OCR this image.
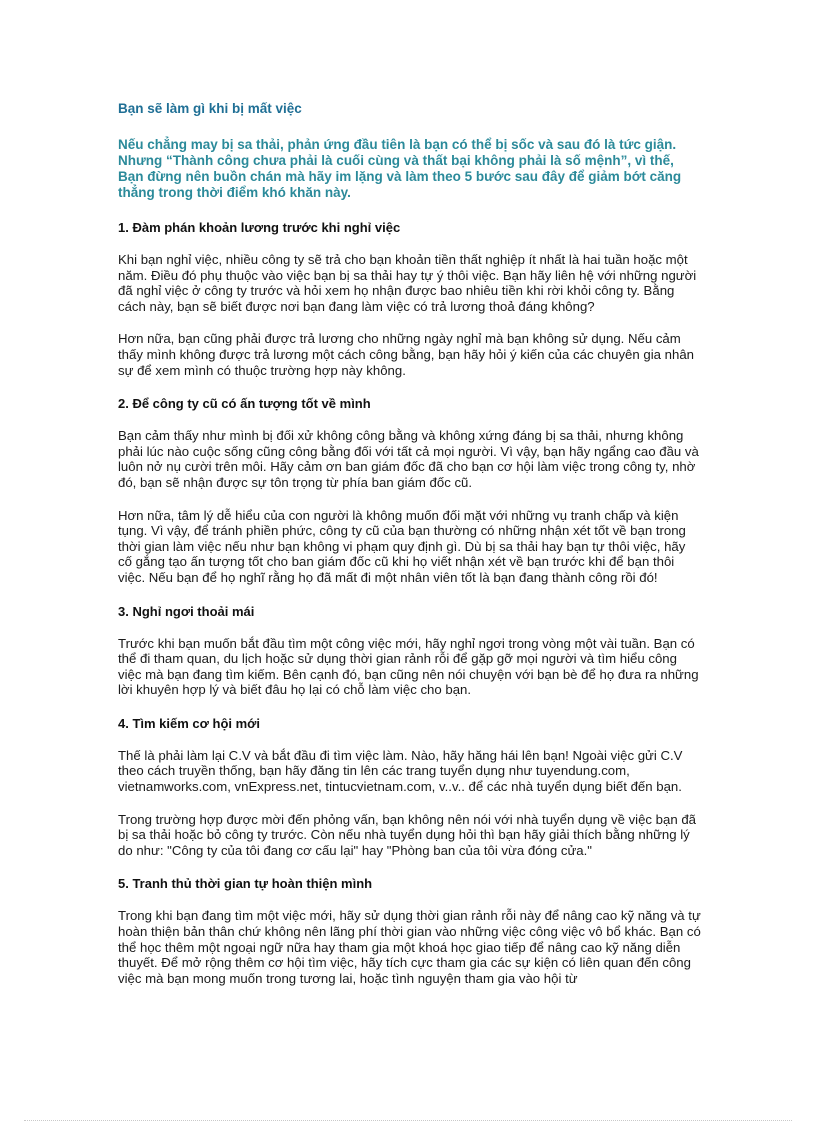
Bạn sẽ làm gì khi bị mất việc

Nếu chẳng may bị sa thải, phản ứng đầu tiên là bạn có thể bị sốc và sau đó là tức giận. Nhưng “Thành công chưa phải là cuối cùng và thất bại không phải là số mệnh”, vì thế, Bạn đừng nên buồn chán mà hãy im lặng và làm theo 5 bước sau đây để giảm bớt căng thẳng trong thời điểm khó khăn này.

1. Đàm phán khoản lương trước khi nghỉ việc

Khi bạn nghỉ việc, nhiều công ty sẽ trả cho bạn khoản tiền thất nghiệp ít nhất là hai tuần hoặc một năm. Điều đó phụ thuộc vào việc bạn bị sa thải hay tự ý thôi việc. Bạn hãy liên hệ với những người đã nghỉ việc ở công ty trước và hỏi xem họ nhận được bao nhiêu tiền khi rời khỏi công ty. Bằng cách này, bạn sẽ biết được nơi bạn đang làm việc có trả lương thoả đáng không?

Hơn nữa, bạn cũng phải được trả lương cho những ngày nghỉ mà bạn không sử dụng. Nếu cảm thấy mình không được trả lương một cách công bằng, bạn hãy hỏi ý kiến của các chuyên gia nhân sự để xem mình có thuộc trường hợp này không.

2. Để công ty cũ có ấn tượng tốt về mình

Bạn cảm thấy như mình bị đối xử không công bằng và không xứng đáng bị sa thải, nhưng không phải lúc nào cuộc sống cũng công bằng đối với tất cả mọi người. Vì vậy, bạn hãy ngẩng cao đầu và luôn nở nụ cười trên môi. Hãy cảm ơn ban giám đốc đã cho bạn cơ hội làm việc trong công ty, nhờ đó, bạn sẽ nhận được sự tôn trọng từ phía ban giám đốc cũ.

Hơn nữa, tâm lý dễ hiểu của con người là không muốn đối mặt với những vụ tranh chấp và kiện tụng. Vì vậy, để tránh phiền phức, công ty cũ của bạn thường có những nhận xét tốt về bạn trong thời gian làm việc nếu như bạn không vi phạm quy định gì. Dù bị sa thải hay bạn tự thôi việc, hãy cố gắng tạo ấn tượng tốt cho ban giám đốc cũ khi họ viết nhận xét về bạn trước khi để bạn thôi việc. Nếu bạn để họ nghĩ rằng họ đã mất đi một nhân viên tốt là bạn đang thành công rồi đó!

3. Nghỉ ngơi thoải mái

Trước khi bạn muốn bắt đầu tìm một công việc mới, hãy nghỉ ngơi trong vòng một vài tuần. Bạn có thể đi tham quan, du lịch hoặc sử dụng thời gian rảnh rỗi để gặp gỡ mọi người và tìm hiểu công việc mà bạn đang tìm kiếm. Bên cạnh đó, bạn cũng nên nói chuyện với bạn bè để họ đưa ra những lời khuyên hợp lý và biết đâu họ lại có chỗ làm việc cho bạn.

4. Tìm kiếm cơ hội mới

Thế là phải làm lại C.V và bắt đầu đi tìm việc làm. Nào, hãy hăng hái lên bạn! Ngoài việc gửi C.V theo cách truyền thống, bạn hãy đăng tin lên các trang tuyển dụng như tuyendung.com, vietnamworks.com, vnExpress.net, tintucvietnam.com, v..v.. để các nhà tuyển dụng biết đến bạn.

Trong trường hợp được mời đến phỏng vấn, bạn không nên nói với nhà tuyển dụng về việc bạn đã bị sa thải hoặc bỏ công ty trước. Còn nếu nhà tuyển dụng hỏi thì bạn hãy giải thích bằng những lý do như: "Công ty của tôi đang cơ cấu lại" hay "Phòng ban của tôi vừa đóng cửa."

5. Tranh thủ thời gian tự hoàn thiện mình

Trong khi bạn đang tìm một việc mới, hãy sử dụng thời gian rảnh rỗi này để nâng cao kỹ năng và tự hoàn thiện bản thân chứ không nên lãng phí thời gian vào những việc công việc vô bổ khác. Bạn có thể học thêm một ngoại ngữ nữa hay tham gia một khoá học giao tiếp để nâng cao kỹ năng diễn thuyết. Để mở rộng thêm cơ hội tìm việc, hãy tích cực tham gia các sự kiện có liên quan đến công việc mà bạn mong muốn trong tương lai, hoặc tình nguyện tham gia vào hội từ
